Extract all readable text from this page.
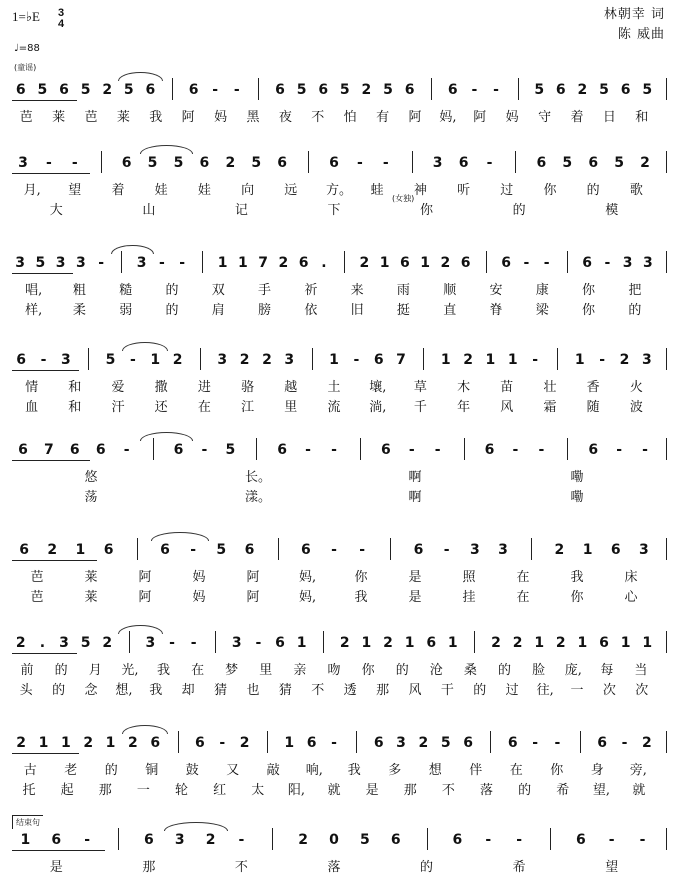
1=♭E 3
4
林朝幸 词
陈 威曲
♩=88
(童谣)
6 5 6 5 2 5 6 6 - -	6 5 6 5 2 5 6 6 - -	5 6 2 5 6 5
芭 莱 芭 莱 我 阿 妈 黑 夜 不 怕 有 阿 妈, 阿 妈 守 着 日 和
3 - -	6 5 5 6 2 5 6	6 - -	3 6 -	6 5 6 5 2
月, 望 着 娃 娃 向 远 方。 蛙 神 听 过 你 的 歌
大	山	记	下	你	的	模
3 5 3 3 - 3 - - 1 1 7 2 6 . 2 1 6 1 2 6 6 - - 6 - 3 3
唱, 粗	糙	的	双	手	祈	来	雨	顺	安	康	你	把
样, 柔	弱	的	肩	膀	依	旧	挺	直	脊	梁	你	的
6 - 3 5 - 1 2 3 2 2 3 1 - 6 7 1 2 1 1 -	1 - 2 3
情 和 爱 撒 进 骆 越 土 壤, 草 木 苗 壮 香 火
血 和 汗 还 在 江 里 流 淌, 千 年 风 霜 随 波
6 7 6 6 -	6 - 5	6 - -	6 - -	6 - -	6 - -
悠	长。	啊	嘞
荡	漾。	啊	嘞
6 2 1 6	6 - 5 6	6 - -	6 - 3 3	2 1 6 3
芭	莱	阿	妈	阿	妈,	你	是	照	在	我	床
芭	莱	阿	妈	阿	妈,	我	是	挂	在	你	心
2 . 3 5 2 3 - -	3 - 6 1 2 1 2 1 6 1 2 2 1 2 1 6 1 1
前 的 月 光, 我 在 梦 里 亲 吻 你 的 沧 桑 的 脸 庞, 每 当
头 的 念 想, 我 却 猜 也 猜 不 透 那 风 干 的 过 往, 一 次 次
2 1 1 2 1 2 6 6 - 2 1 6 -	6 3 2 5 6 6 - -	6 - 2
古 老 的 铜 鼓 又 敲 响, 我 多 想 伴 在 你 身 旁,
托 起 那 一 轮 红 太 阳, 就 是 那 不 落 的 希 望, 就
1 6 -	6 3 2 -	2 0 5 6	6 - -	6 - -
是	那	不	落	的	希	望
(女独)
结束句
